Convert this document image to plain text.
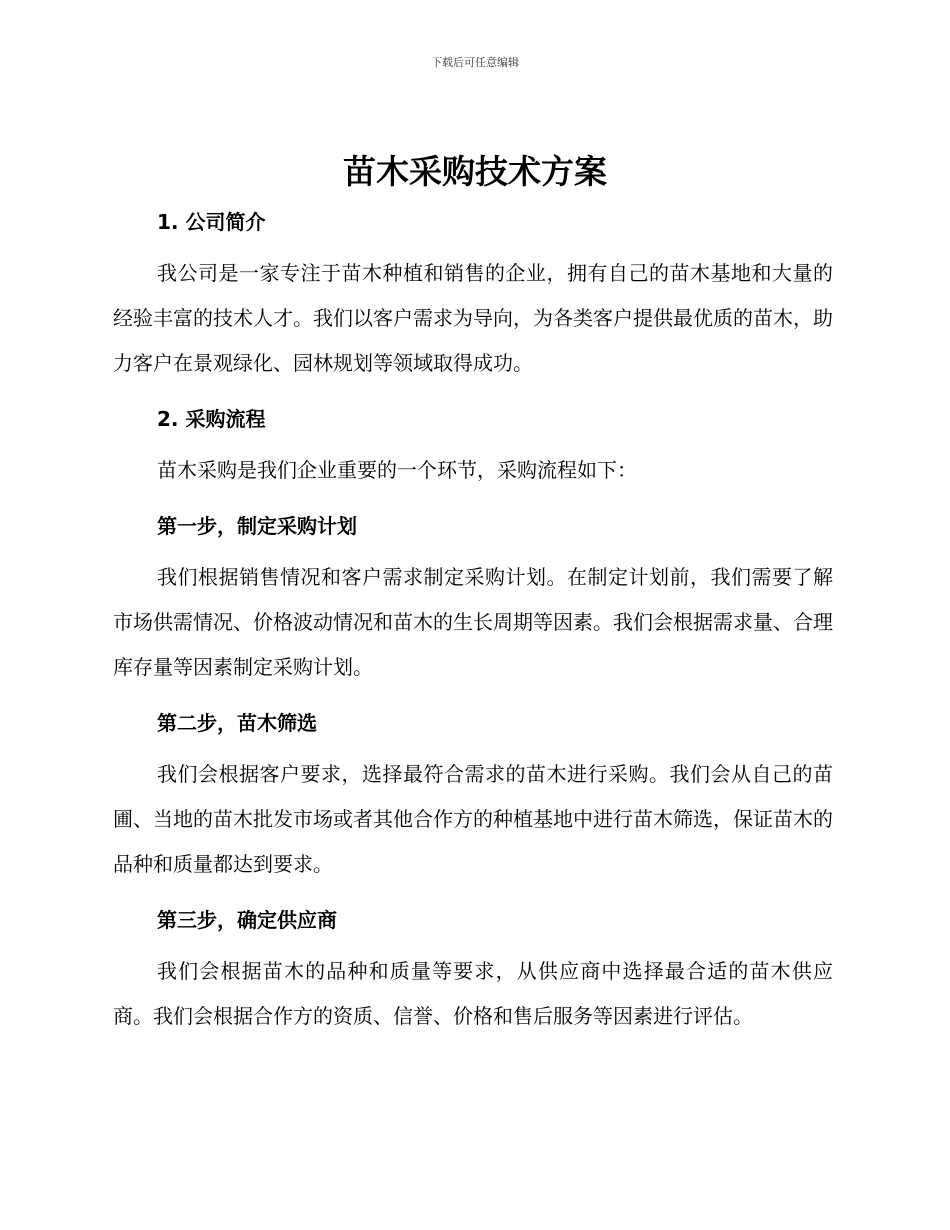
下载后可任意编辑
苗木采购技术方案

1. 公司简介

我公司是一家专注于苗木种植和销售的企业，拥有自己的苗木基地和大量的经验丰富的技术人才。我们以客户需求为导向，为各类客户提供最优质的苗木，助力客户在景观绿化、园林规划等领域取得成功。

2. 采购流程

苗木采购是我们企业重要的一个环节，采购流程如下：

第一步，制定采购计划

我们根据销售情况和客户需求制定采购计划。在制定计划前，我们需要了解市场供需情况、价格波动情况和苗木的生长周期等因素。我们会根据需求量、合理库存量等因素制定采购计划。

第二步，苗木筛选

我们会根据客户要求，选择最符合需求的苗木进行采购。我们会从自己的苗圃、当地的苗木批发市场或者其他合作方的种植基地中进行苗木筛选，保证苗木的品种和质量都达到要求。

第三步，确定供应商

我们会根据苗木的品种和质量等要求，从供应商中选择最合适的苗木供应商。我们会根据合作方的资质、信誉、价格和售后服务等因素进行评估。
